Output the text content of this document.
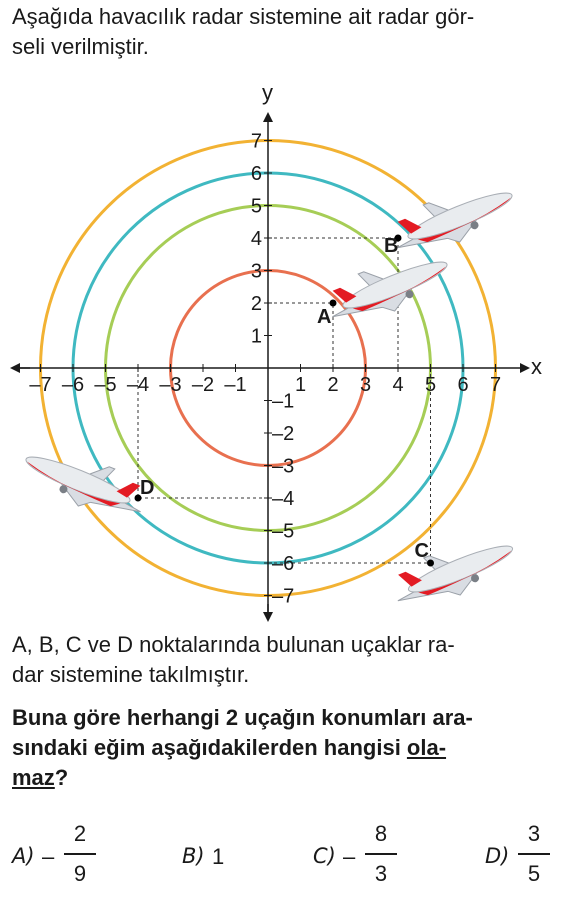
Aşağıda havacılık radar sistemine ait radar gör-
seli verilmiştir.
x
y
–7 –6 –5 –4 –3 –2 –1 1 2 3 4 5 6 7
1
2
3
4
5
6
7
–1
–2
–3
–4
–5
–6
–7
A
B
C
D
A, B, C ve D noktalarında bulunan uçaklar ra-
dar sistemine takılmıştır.
Buna göre herhangi 2 uçağın konumları ara-
sındaki eğim aşağıdakilerden hangisi ola-
maz?
A) –
2
9
B) 1	C) –
8
3
D)
3
5
